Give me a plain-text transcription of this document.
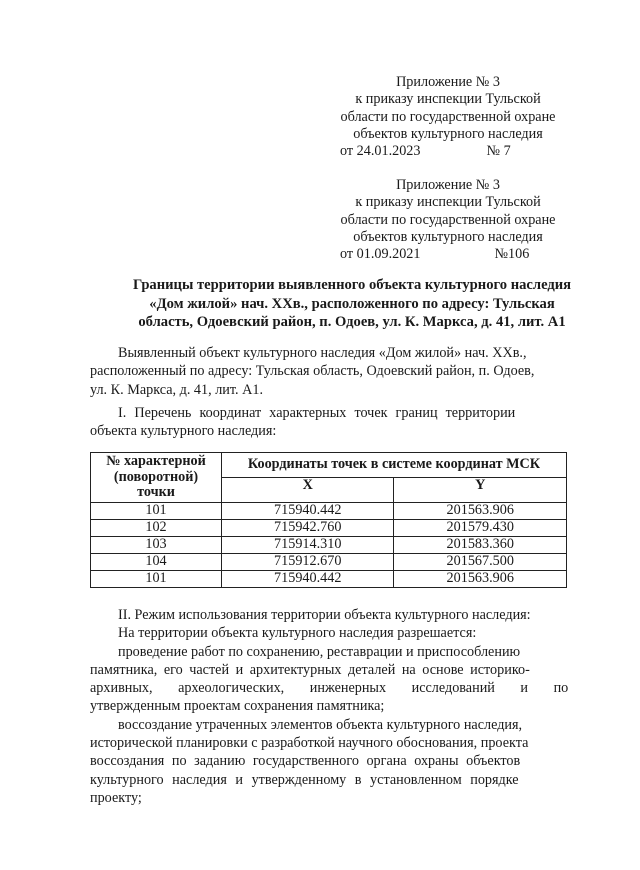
Приложение № 3
к приказу инспекции Тульской
области по государственной охране
объектов культурного наследия
от 24.01.2023	№ 7
Приложение № 3
к приказу инспекции Тульской
области по государственной охране
объектов культурного наследия
от 01.09.2021	№106
Границы территории выявленного объекта культурного наследия
«Дом жилой» нач. ХХв., расположенного по адресу: Тульская
область, Одоевский район, п. Одоев, ул. К. Маркса, д. 41, лит. А1
Выявленный объект культурного наследия «Дом жилой» нач. ХХв.,
расположенный по адресу: Тульская область, Одоевский район, п. Одоев,
ул. К. Маркса, д. 41, лит. А1.
I. Перечень координат характерных точек границ территории
объекта культурного наследия:
№ характерной
(поворотной)
точки	Координаты точек в системе координат МСК	
	X	Y
101	715940.442	201563.906
102	715942.760	201579.430
103	715914.310	201583.360
104	715912.670	201567.500
101	715940.442	201563.906
II. Режим использования территории объекта культурного наследия:
На территории объекта культурного наследия разрешается:
проведение работ по сохранению, реставрации и приспособлению
памятника, его частей и архитектурных деталей на основе историко-
архивных, археологических, инженерных исследований и по
утвержденным проектам сохранения памятника;
воссоздание утраченных элементов объекта культурного наследия,
исторической планировки с разработкой научного обоснования, проекта
воссоздания по заданию государственного органа охраны объектов
культурного наследия и утвержденному в установленном порядке
проекту;
